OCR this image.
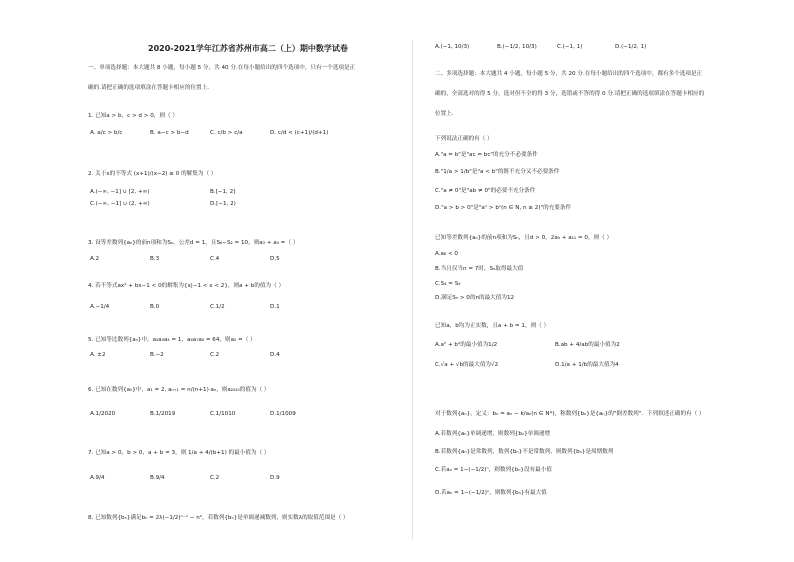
2020-2021学年江苏省苏州市高二（上）期中数学试卷
一、单项选择题：本大题共 8 小题，每小题 5 分，共 40 分.在每小题给出的四个选项中，只有一个选项是正
确的.请把正确的选项填涂在答题卡相应的位置上.
1. 已知a > b，c > d > 0，则（ ）
A. a/c > b/c	B. a−c > b−d	C. c/b > c/a	D. c/d < (c+1)/(d+1)
2. 关于x的不等式 (x+1)/(x−2) ≥ 0 的解集为（ ）
A.(−∞, −1] ∪ [2, +∞)	B.[−1, 2]
C.(−∞, −1] ∪ (2, +∞)	D.[−1, 2)
3. 设等差数列{aₙ}的前n项和为Sₙ，公差d = 1，且S₆−S₂ = 10，则a₃ + a₄ =（ ）
A.2	B.3	C.4	D.5
4. 若不等式ax² + bx−1 < 0的解集为{x|−1 < x < 2}，则a + b的值为（ ）
A.−1/4	B.0	C.1/2	D.1
5. 已知等比数列{aₙ}中，a₂a₃a₄ = 1，a₆a₇a₈ = 64，则a₅ =（ ）
A. ±2	B.−2	C.2	D.4
6. 已知在数列{aₙ}中，a₁ = 2, aₙ₊₁ = n/(n+1)·aₙ，则a₂₀₂₀的值为（ ）
A.1/2020	B.1/2019	C.1/1010	D.1/1009
7. 已知a > 0，b > 0，a + b = 3，则 1/a + 4/(b+1) 的最小值为（ ）
A.9/4	B.9/4	C.2	D.9
8. 已知数列{bₙ}满足bₙ = 2λ(−1/2)ⁿ⁻¹ − n²，若数列{bₙ}是单调递减数列，则实数λ的取值范围是（ ）
A.(−1, 10/3)	B.(−1/2, 10/3)	C.(−1, 1)	D.(−1/2, 1)
二、多项选择题：本大题共 4 小题，每小题 5 分，共 20 分.在每小题给出的四个选项中，都有多个选项是正
确的，全部选对的得 5 分，选对但不全的得 3 分，选错或不答的得 0 分.请把正确的选项填涂在答题卡相应的
位置上.
下列说法正确的有（ ）
A."a = b"是"ac = bc"的充分不必要条件
B."1/a > 1/b"是"a < b"的既不充分又不必要条件
C."a ≠ 0"是"ab ≠ 0"的必要不充分条件
D."a > b > 0"是"aⁿ > bⁿ(n ∈ N, n ≥ 2)"的充要条件
已知等差数列{aₙ}的前n项和为Sₙ，且d > 0，2a₅ + a₁₁ = 0，则（ ）
A.a₈ < 0
B.当且仅当n = 7时，Sₙ取得最大值
C.S₄ = S₉
D.满足Sₙ > 0的n的最大值为12
已知a，b均为正实数，且a + b = 1，则（ ）
A.a² + b²的最小值为1/2	B.ab + 4/ab的最小值为2
C.√a + √b的最大值为√2	D.1/a + 1/b的最大值为4
对于数列{aₙ}，定义：bₙ = aₙ − k/aₙ(n ∈ N*)，称数列{bₙ}是{aₙ}的"倒差数列"．下列叙述正确的有（ ）
A.若数列{aₙ}单调递增，则数列{bₙ}单调递增
B.若数列{aₙ}是常数列，数列{bₙ}不是常数列，则数列{bₙ}是周期数列
C.若aₙ = 1−(−1/2)ⁿ，则数列{bₙ}没有最小值
D.若aₙ = 1−(−1/2)ⁿ，则数列{bₙ}有最大值
